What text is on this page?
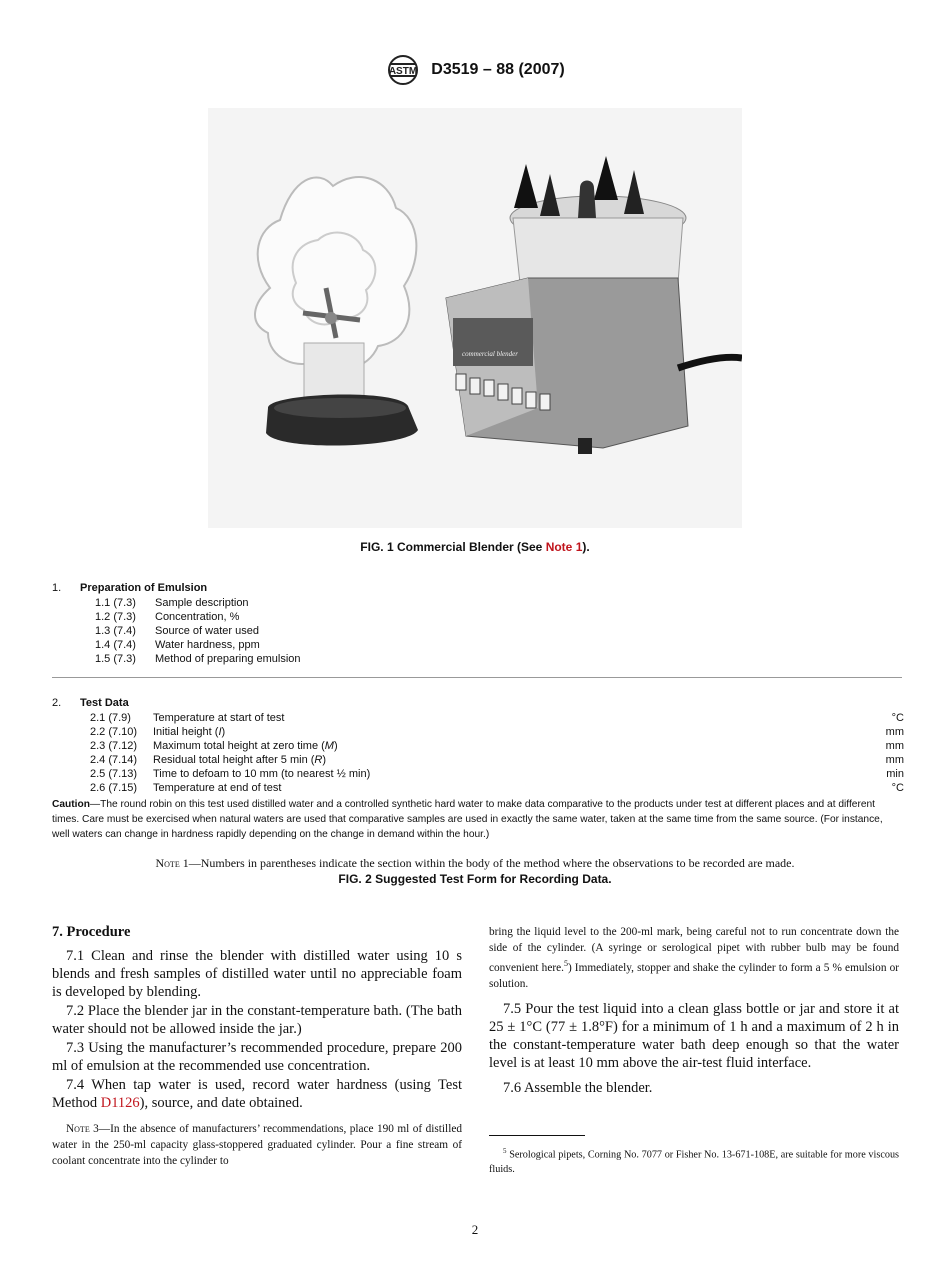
ASTM D3519 – 88 (2007)
commercial blender
FIG. 1 Commercial Blender (See Note 1).
1. Preparation of Emulsion
1.1 (7.3) Sample description
1.2 (7.3) Concentration, %
1.3 (7.4) Source of water used
1.4 (7.4) Water hardness, ppm
1.5 (7.3) Method of preparing emulsion
2. Test Data
2.1 (7.9) Temperature at start of test	°C
2.2 (7.10) Initial height (I)	mm
2.3 (7.12) Maximum total height at zero time (M)	mm
2.4 (7.14) Residual total height after 5 min (R)	mm
2.5 (7.13) Time to defoam to 10 mm (to nearest ½ min)	min
2.6 (7.15) Temperature at end of test	°C
Caution—The round robin on this test used distilled water and a controlled synthetic hard water to make data comparative to the products under test at different places and at different times. Care must be exercised when natural waters are used that comparative samples are used in exactly the same water, taken at the same time from the same source. (For instance, well waters can change in hardness rapidly depending on the change in demand within the hour.)
Note 1—Numbers in parentheses indicate the section within the body of the method where the observations to be recorded are made.
FIG. 2 Suggested Test Form for Recording Data.
7. Procedure
7.1 Clean and rinse the blender with distilled water using 10 s blends and fresh samples of distilled water until no appreciable foam is developed by blending.
7.2 Place the blender jar in the constant-temperature bath. (The bath water should not be allowed inside the jar.)
7.3 Using the manufacturer’s recommended procedure, prepare 200 ml of emulsion at the recommended use concentration.
7.4 When tap water is used, record water hardness (using Test Method D1126), source, and date obtained.
Note 3—In the absence of manufacturers’ recommendations, place 190 ml of distilled water in the 250-ml capacity glass-stoppered graduated cylinder. Pour a fine stream of coolant concentrate into the cylinder to
bring the liquid level to the 200-ml mark, being careful not to run concentrate down the side of the cylinder. (A syringe or serological pipet with rubber bulb may be found convenient here.$^5$) Immediately, stopper and shake the cylinder to form a 5 % emulsion or solution.
7.5 Pour the test liquid into a clean glass bottle or jar and store it at 25 ± 1°C (77 ± 1.8°F) for a minimum of 1 h and a maximum of 2 h in the constant-temperature water bath deep enough so that the water level is at least 10 mm above the air-test fluid interface.
7.6 Assemble the blender.
$^5$ Serological pipets, Corning No. 7077 or Fisher No. 13-671-108E, are suitable for more viscous fluids.
2
